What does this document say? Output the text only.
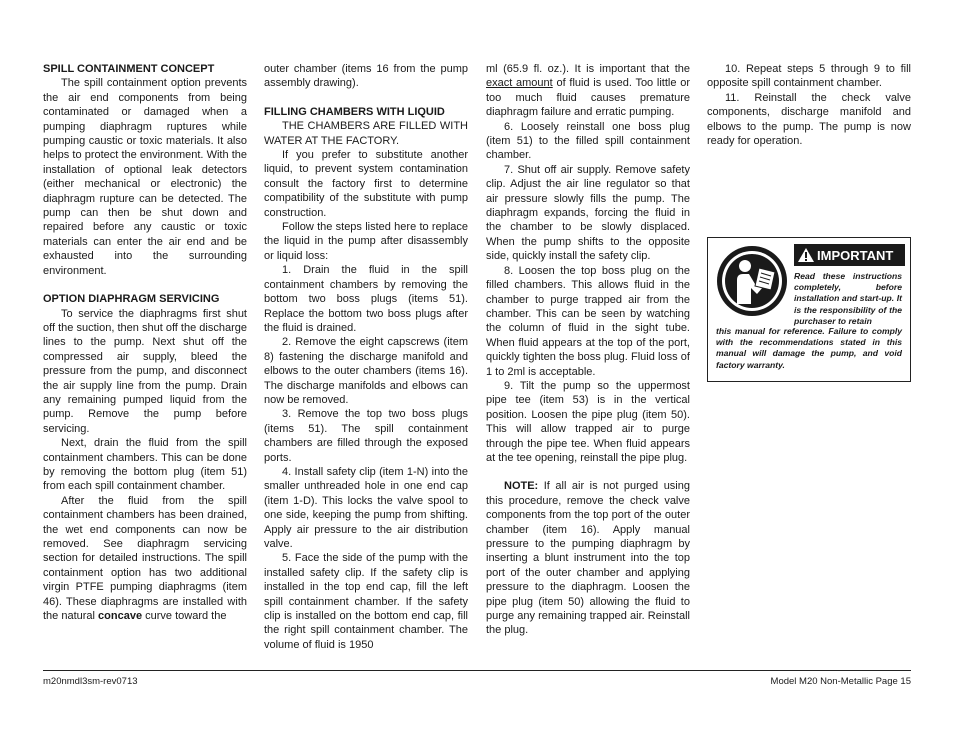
SPILL CONTAINMENT CONCEPT

The spill containment option prevents the air end components from being contaminated or damaged when a pumping diaphragm ruptures while pumping caustic or toxic materials. It also helps to protect the environment. With the installation of optional leak detectors (either mechanical or electronic) the diaphragm rupture can be detected. The pump can then be shut down and repaired before any caustic or toxic materials can enter the air end and be exhausted into the surrounding environment.

OPTION DIAPHRAGM SERVICING

To service the diaphragms first shut off the suction, then shut off the discharge lines to the pump. Next shut off the compressed air supply, bleed the pressure from the pump, and disconnect the air supply line from the pump. Drain any remaining pumped liquid from the pump. Remove the pump before servicing.

Next, drain the fluid from the spill containment chambers. This can be done by removing the bottom plug (item 51) from each spill containment chamber.

After the fluid from the spill containment chambers has been drained, the wet end components can now be removed. See diaphragm servicing section for detailed instructions. The spill containment option has two additional virgin PTFE pumping diaphragms (item 46). These diaphragms are installed with the natural concave curve toward the

outer chamber (items 16 from the pump assembly drawing).

FILLING CHAMBERS WITH LIQUID

THE CHAMBERS ARE FILLED WITH WATER AT THE FACTORY.

If you prefer to substitute another liquid, to prevent system contamination consult the factory first to determine compatibility of the substitute with pump construction.

Follow the steps listed here to replace the liquid in the pump after disassembly or liquid loss:

1. Drain the fluid in the spill containment chambers by removing the bottom two boss plugs (items 51). Replace the bottom two boss plugs after the fluid is drained.

2. Remove the eight capscrews (item 8) fastening the discharge manifold and elbows to the outer chambers (items 16). The discharge manifolds and elbows can now be removed.

3. Remove the top two boss plugs (items 51). The spill containment chambers are filled through the exposed ports.

4. Install safety clip (item 1-N) into the smaller unthreaded hole in one end cap (item 1-D). This locks the valve spool to one side, keeping the pump from shifting. Apply air pressure to the air distribution valve.

5. Face the side of the pump with the installed safety clip. If the safety clip is installed in the top end cap, fill the left spill containment chamber. If the safety clip is installed on the bottom end cap, fill the right spill containment chamber. The volume of fluid is 1950

ml (65.9 fl. oz.). It is important that the exact amount of fluid is used. Too little or too much fluid causes premature diaphragm failure and erratic pumping.

6. Loosely reinstall one boss plug (item 51) to the filled spill containment chamber.

7. Shut off air supply. Remove safety clip. Adjust the air line regulator so that air pressure slowly fills the pump. The diaphragm expands, forcing the fluid in the chamber to be slowly displaced. When the pump shifts to the opposite side, quickly install the safety clip.

8. Loosen the top boss plug on the filled chambers. This allows fluid in the chamber to purge trapped air from the chamber. This can be seen by watching the column of fluid in the sight tube. When fluid appears at the top of the port, quickly tighten the boss plug. Fluid loss of 1 to 2ml is acceptable.

9. Tilt the pump so the uppermost pipe tee (item 53) is in the vertical position. Loosen the pipe plug (item 50). This will allow trapped air to purge through the pipe tee. When fluid appears at the tee opening, reinstall the pipe plug.

NOTE: If all air is not purged using this procedure, remove the check valve components from the top port of the outer chamber (item 16). Apply manual pressure to the pumping diaphragm by inserting a blunt instrument into the top port of the outer chamber and applying pressure to the diaphragm. Loosen the pipe plug (item 50) allowing the fluid to purge any remaining trapped air. Reinstall the plug.

10. Repeat steps 5 through 9 to fill opposite spill containment chamber.

11. Reinstall the check valve components, discharge manifold and elbows to the pump. The pump is now ready for operation.

IMPORTANT
Read these instructions completely, before installation and start-up. It is the responsibility of the purchaser to retain
this manual for reference. Failure to comply with the recommendations stated in this manual will damage the pump, and void factory warranty.
m20nmdl3sm-rev0713	Model M20 Non-Metallic Page 15
